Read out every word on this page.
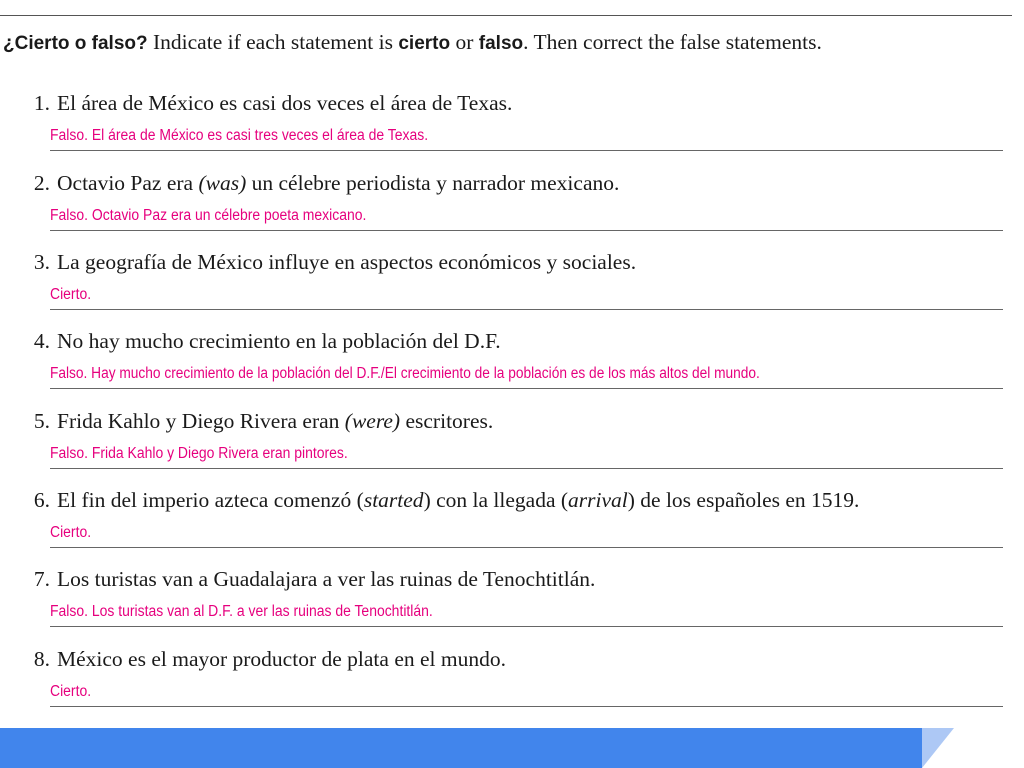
¿Cierto o falso? Indicate if each statement is cierto or falso. Then correct the false statements.
1. El área de México es casi dos veces el área de Texas.
Falso. El área de México es casi tres veces el área de Texas.
2. Octavio Paz era (was) un célebre periodista y narrador mexicano.
Falso. Octavio Paz era un célebre poeta mexicano.
3. La geografía de México influye en aspectos económicos y sociales.
Cierto.
4. No hay mucho crecimiento en la población del D.F.
Falso. Hay mucho crecimiento de la población del D.F./El crecimiento de la población es de los más altos del mundo.
5. Frida Kahlo y Diego Rivera eran (were) escritores.
Falso. Frida Kahlo y Diego Rivera eran pintores.
6. El fin del imperio azteca comenzó (started) con la llegada (arrival) de los españoles en 1519.
Cierto.
7. Los turistas van a Guadalajara a ver las ruinas de Tenochtitlán.
Falso. Los turistas van al D.F. a ver las ruinas de Tenochtitlán.
8. México es el mayor productor de plata en el mundo.
Cierto.
